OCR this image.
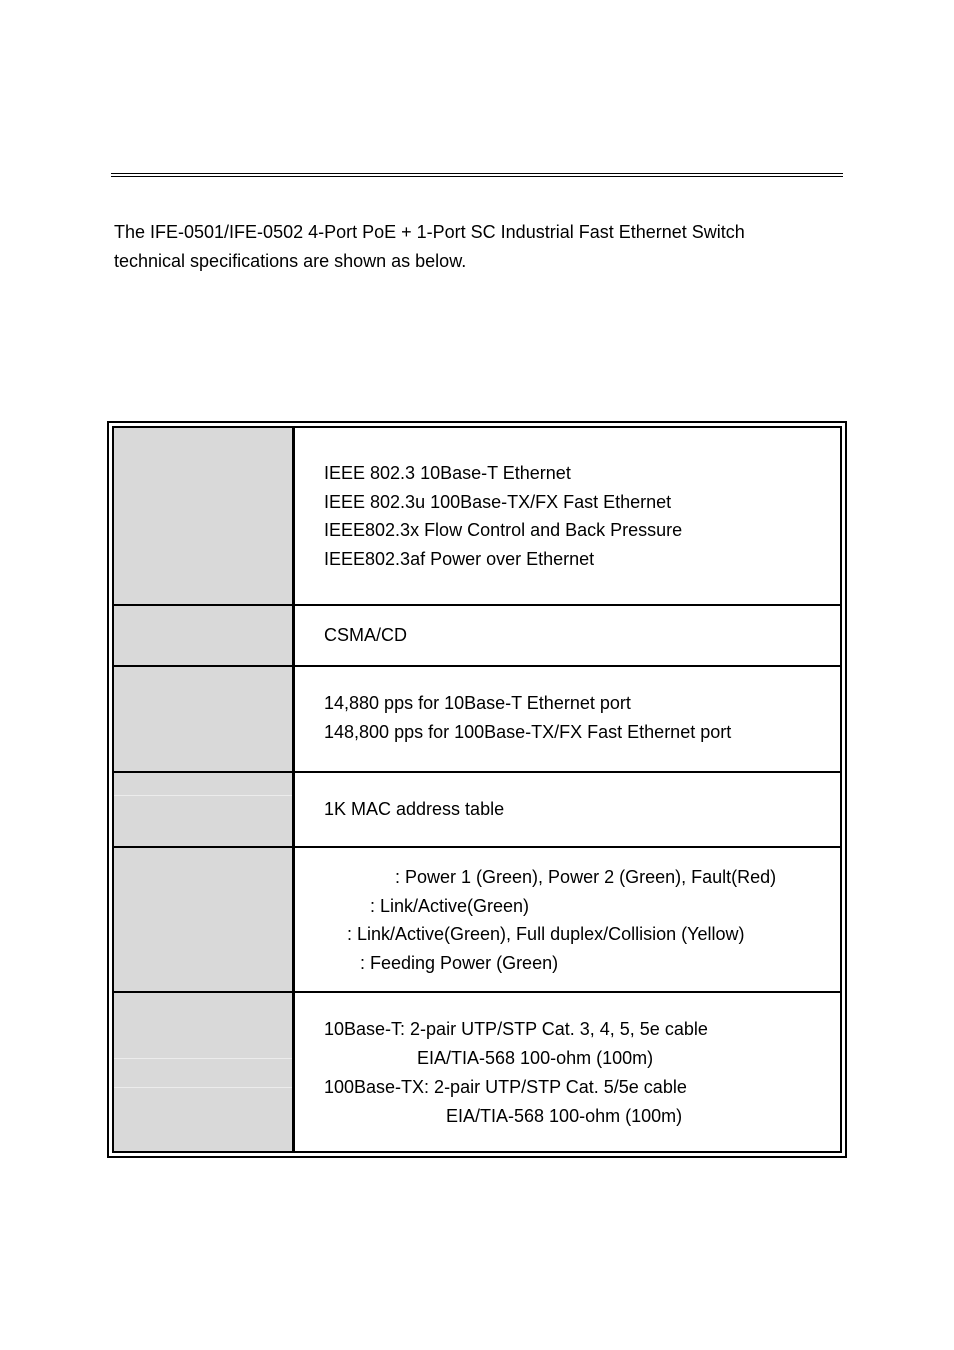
The IFE-0501/IFE-0502 4-Port PoE + 1-Port SC Industrial Fast Ethernet Switch

technical specifications are shown as below.

IEEE 802.3 10Base-T Ethernet
IEEE 802.3u 100Base-TX/FX Fast Ethernet
IEEE802.3x Flow Control and Back Pressure
IEEE802.3af Power over Ethernet
CSMA/CD
14,880 pps for 10Base-T Ethernet port
148,800 pps for 100Base-TX/FX Fast Ethernet port
1K MAC address table
: Power 1 (Green), Power 2 (Green), Fault(Red)
: Link/Active(Green)
: Link/Active(Green), Full duplex/Collision (Yellow)
: Feeding Power (Green)
10Base-T: 2-pair UTP/STP Cat. 3, 4, 5, 5e cable
EIA/TIA-568 100-ohm (100m)
100Base-TX: 2-pair UTP/STP Cat. 5/5e cable
EIA/TIA-568 100-ohm (100m)
